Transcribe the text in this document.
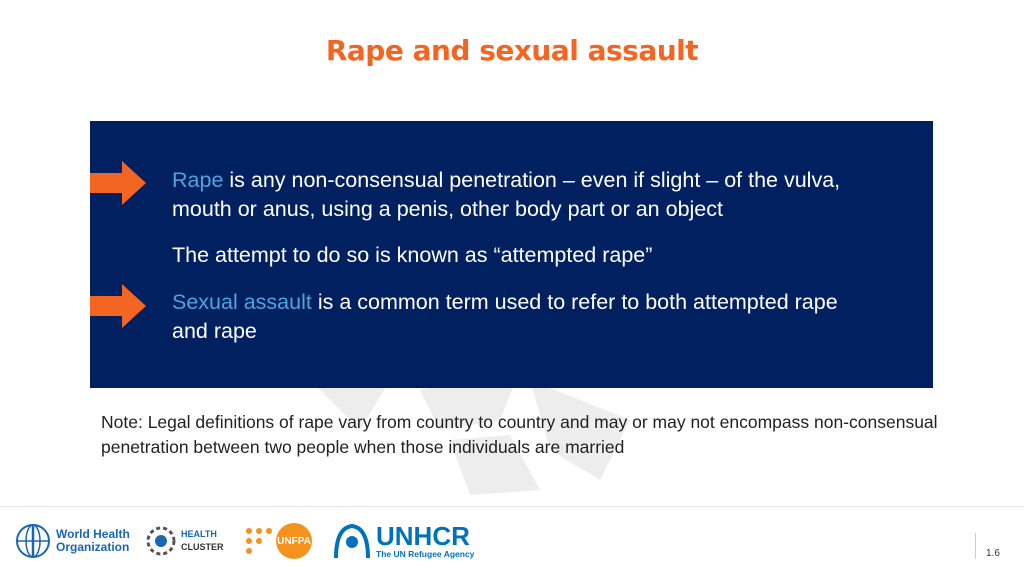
Rape and sexual assault
Rape is any non-consensual penetration – even if slight – of the vulva, mouth or anus, using a penis, other body part or an object
The attempt to do so is known as “attempted rape”
Sexual assault is a common term used to refer to both attempted rape and rape
Note: Legal definitions of rape vary from country to country and may or may not encompass non-consensual penetration between two people when those individuals are married
World Health
Organization
HEALTH
CLUSTER
UNFPA	UNHCR
The UN Refugee Agency	1.6
